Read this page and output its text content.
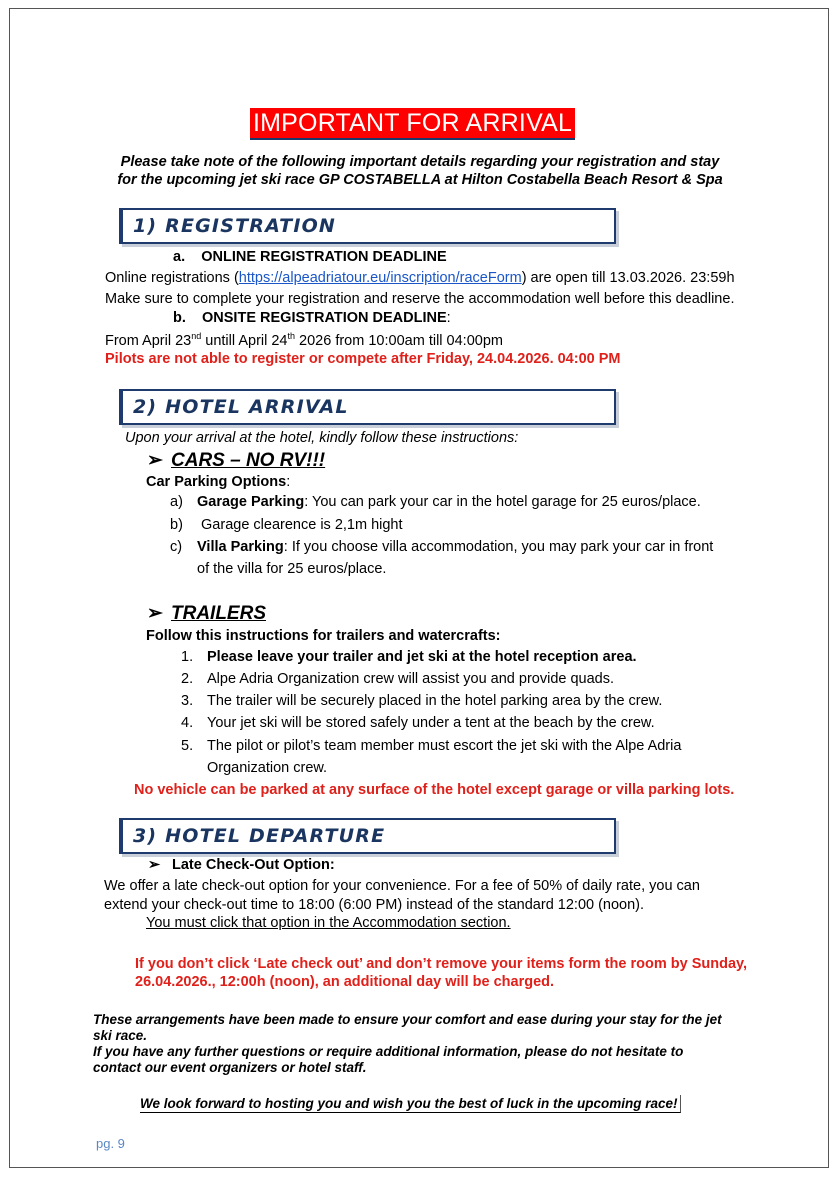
IMPORTANT FOR ARRIVAL
Please take note of the following important details regarding your registration and stay
for the upcoming jet ski race GP COSTABELLA at Hilton Costabella Beach Resort & Spa
1) REGISTRATION
a. ONLINE REGISTRATION DEADLINE
Online registrations (https://alpeadriatour.eu/inscription/raceForm) are open till 13.03.2026. 23:59h
Make sure to complete your registration and reserve the accommodation well before this deadline.
b. ONSITE REGISTRATION DEADLINE:
From April 23nd untill April 24th 2026 from 10:00am till 04:00pm
Pilots are not able to register or compete after Friday, 24.04.2026. 04:00 PM
2) HOTEL ARRIVAL
Upon your arrival at the hotel, kindly follow these instructions:
➢ CARS – NO RV!!!
Car Parking Options:
a) Garage Parking: You can park your car in the hotel garage for 25 euros/place.
b) Garage clearence is 2,1m hight
c) Villa Parking: If you choose villa accommodation, you may park your car in front
of the villa for 25 euros/place.
➢ TRAILERS
Follow this instructions for trailers and watercrafts:
1. Please leave your trailer and jet ski at the hotel reception area.
2. Alpe Adria Organization crew will assist you and provide quads.
3. The trailer will be securely placed in the hotel parking area by the crew.
4. Your jet ski will be stored safely under a tent at the beach by the crew.
5. The pilot or pilot’s team member must escort the jet ski with the Alpe Adria
Organization crew.
No vehicle can be parked at any surface of the hotel except garage or villa parking lots.
3) HOTEL DEPARTURE
➢ Late Check-Out Option:
We offer a late check-out option for your convenience. For a fee of 50% of daily rate, you can
extend your check-out time to 18:00 (6:00 PM) instead of the standard 12:00 (noon).
You must click that option in the Accommodation section.
If you don’t click ‘Late check out’ and don’t remove your items form the room by Sunday,
26.04.2026., 12:00h (noon), an additional day will be charged.
These arrangements have been made to ensure your comfort and ease during your stay for the jet
ski race.
If you have any further questions or require additional information, please do not hesitate to
contact our event organizers or hotel staff.
We look forward to hosting you and wish you the best of luck in the upcoming race!
pg. 9
